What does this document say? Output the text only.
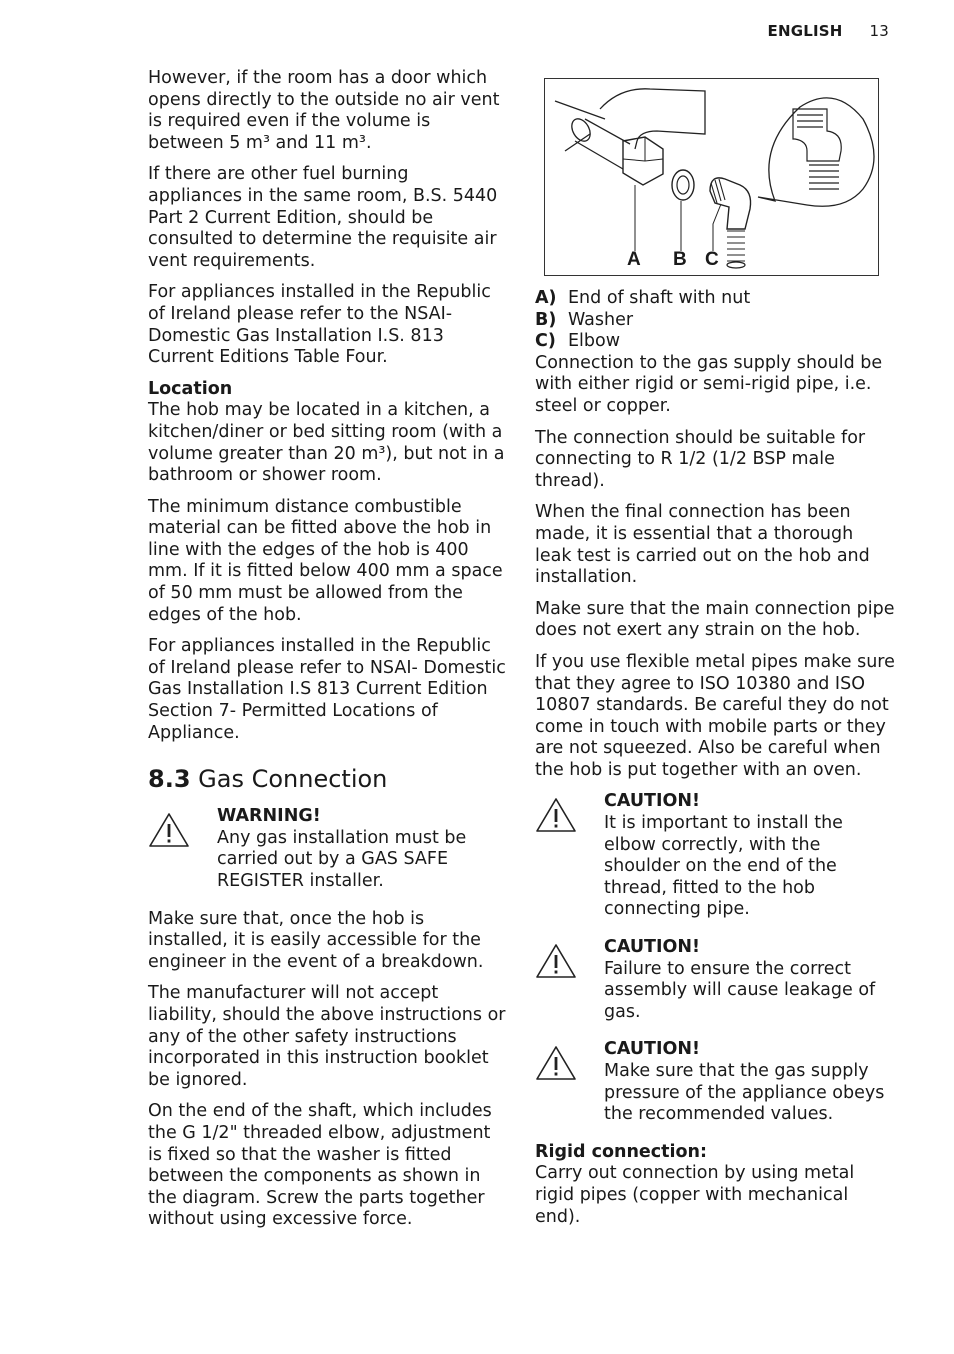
ENGLISH 13

However, if the room has a door which opens directly to the outside no air vent is required even if the volume is between 5 m³ and 11 m³.

If there are other fuel burning appliances in the same room, B.S. 5440 Part 2 Current Edition, should be consulted to determine the requisite air vent requirements.

For appliances installed in the Republic of Ireland please refer to the NSAI- Domestic Gas Installation I.S. 813 Current Editions Table Four.

Location
The hob may be located in a kitchen, a kitchen/diner or bed sitting room (with a volume greater than 20 m³), but not in a bathroom or shower room.

The minimum distance combustible material can be fitted above the hob in line with the edges of the hob is 400 mm. If it is fitted below 400 mm a space of 50 mm must be allowed from the edges of the hob.

For appliances installed in the Republic of Ireland please refer to NSAI- Domestic Gas Installation I.S 813 Current Edition Section 7- Permitted Locations of Appliance.

8.3 Gas Connection
WARNING!
Any gas installation must be carried out by a GAS SAFE REGISTER installer.

Make sure that, once the hob is installed, it is easily accessible for the engineer in the event of a breakdown.

The manufacturer will not accept liability, should the above instructions or any of the other safety instructions incorporated in this instruction booklet be ignored.

On the end of the shaft, which includes the G 1/2" threaded elbow, adjustment is fixed so that the washer is fitted between the components as shown in the diagram. Screw the parts together without using excessive force.

A B C
A) End of shaft with nut
B) Washer
C) Elbow

Connection to the gas supply should be with either rigid or semi-rigid pipe, i.e. steel or copper.

The connection should be suitable for connecting to R 1/2 (1/2 BSP male thread).

When the final connection has been made, it is essential that a thorough leak test is carried out on the hob and installation.

Make sure that the main connection pipe does not exert any strain on the hob.

If you use flexible metal pipes make sure that they agree to ISO 10380 and ISO 10807 standards. Be careful they do not come in touch with mobile parts or they are not squeezed. Also be careful when the hob is put together with an oven.

CAUTION!
It is important to install the elbow correctly, with the shoulder on the end of the thread, fitted to the hob connecting pipe.
CAUTION!
Failure to ensure the correct assembly will cause leakage of gas.
CAUTION!
Make sure that the gas supply pressure of the appliance obeys the recommended values.

Rigid connection:
Carry out connection by using metal rigid pipes (copper with mechanical end).
